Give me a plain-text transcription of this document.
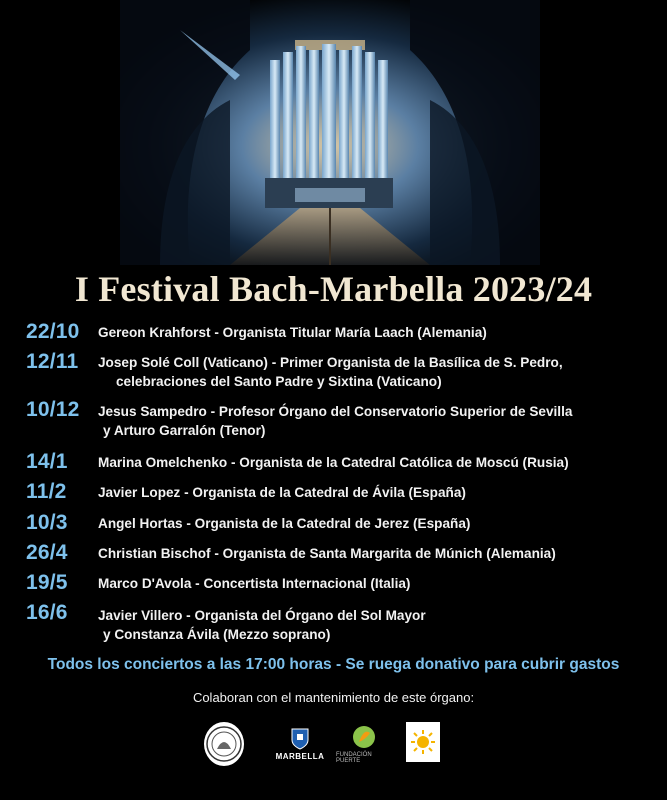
I Festival Bach-Marbella 2023/24
22/10 Gereon Krahforst - Organista Titular María Laach (Alemania)
12/11 Josep Solé Coll (Vaticano) - Primer Organista de la Basílica de S. Pedro,
celebraciones del Santo Padre y Sixtina (Vaticano)
10/12 Jesus Sampedro - Profesor Órgano del Conservatorio Superior de Sevilla
y Arturo Garralón (Tenor)
14/1 Marina Omelchenko - Organista de la Catedral Católica de Moscú (Rusia)
11/2 Javier Lopez - Organista de la Catedral de Ávila (España)
10/3 Angel Hortas - Organista de la Catedral de Jerez (España)
26/4 Christian Bischof - Organista de Santa Margarita de Múnich (Alemania)
19/5 Marco D'Avola - Concertista Internacional (Italia)
16/6 Javier Villero - Organista del Órgano del Sol Mayor
y Constanza Ávila (Mezzo soprano)
Todos los conciertos a las 17:00 horas - Se ruega donativo para cubrir gastos
Colaboran con el mantenimiento de este órgano:
MARBELLA FUNDACIÓN PUERTE
